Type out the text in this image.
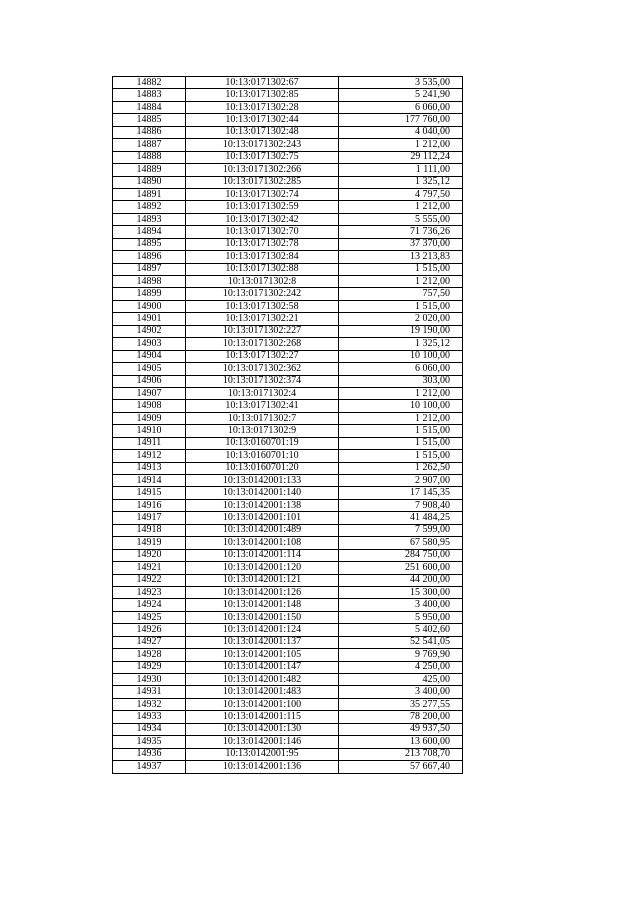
14882	10:13:0171302:67	3 535,00
14883	10:13:0171302:85	5 241,90
14884	10:13:0171302:28	6 060,00
14885	10:13:0171302:44	177 760,00
14886	10:13:0171302:48	4 040,00
14887	10:13:0171302:243	1 212,00
14888	10:13:0171302:75	29 112,24
14889	10:13:0171302:266	1 111,00
14890	10:13:0171302:285	1 325,12
14891	10:13:0171302:74	4 797,50
14892	10:13:0171302:59	1 212,00
14893	10:13:0171302:42	5 555,00
14894	10:13:0171302:70	71 736,26
14895	10:13:0171302:78	37 370,00
14896	10:13:0171302:84	13 213,83
14897	10:13:0171302:88	1 515,00
14898	10:13:0171302:8	1 212,00
14899	10:13:0171302:242	757,50
14900	10:13:0171302:58	1 515,00
14901	10:13:0171302:21	2 020,00
14902	10:13:0171302:227	19 190,00
14903	10:13:0171302:268	1 325,12
14904	10:13:0171302:27	10 100,00
14905	10:13:0171302:362	6 060,00
14906	10:13:0171302:374	303,00
14907	10:13:0171302:4	1 212,00
14908	10:13:0171302:41	10 100,00
14909	10:13:0171302:7	1 212,00
14910	10:13:0171302:9	1 515,00
14911	10:13:0160701:19	1 515,00
14912	10:13:0160701:10	1 515,00
14913	10:13:0160701:20	1 262,50
14914	10:13:0142001:133	2 907,00
14915	10:13:0142001:140	17 145,35
14916	10:13:0142001:138	7 908,40
14917	10:13:0142001:101	41 484,25
14918	10:13:0142001:489	7 599,00
14919	10:13:0142001:108	67 580,95
14920	10:13:0142001:114	284 750,00
14921	10:13:0142001:120	251 600,00
14922	10:13:0142001:121	44 200,00
14923	10:13:0142001:126	15 300,00
14924	10:13:0142001:148	3 400,00
14925	10:13:0142001:150	5 950,00
14926	10:13:0142001:124	5 402,60
14927	10:13:0142001:137	52 541,05
14928	10:13:0142001:105	9 769,90
14929	10:13:0142001:147	4 250,00
14930	10:13:0142001:482	425,00
14931	10:13:0142001:483	3 400,00
14932	10:13:0142001:100	35 277,55
14933	10:13:0142001:115	78 200,00
14934	10:13:0142001:130	49 937,50
14935	10:13:0142001:146	13 600,00
14936	10:13:0142001:95	213 708,70
14937	10:13:0142001:136	57 667,40
